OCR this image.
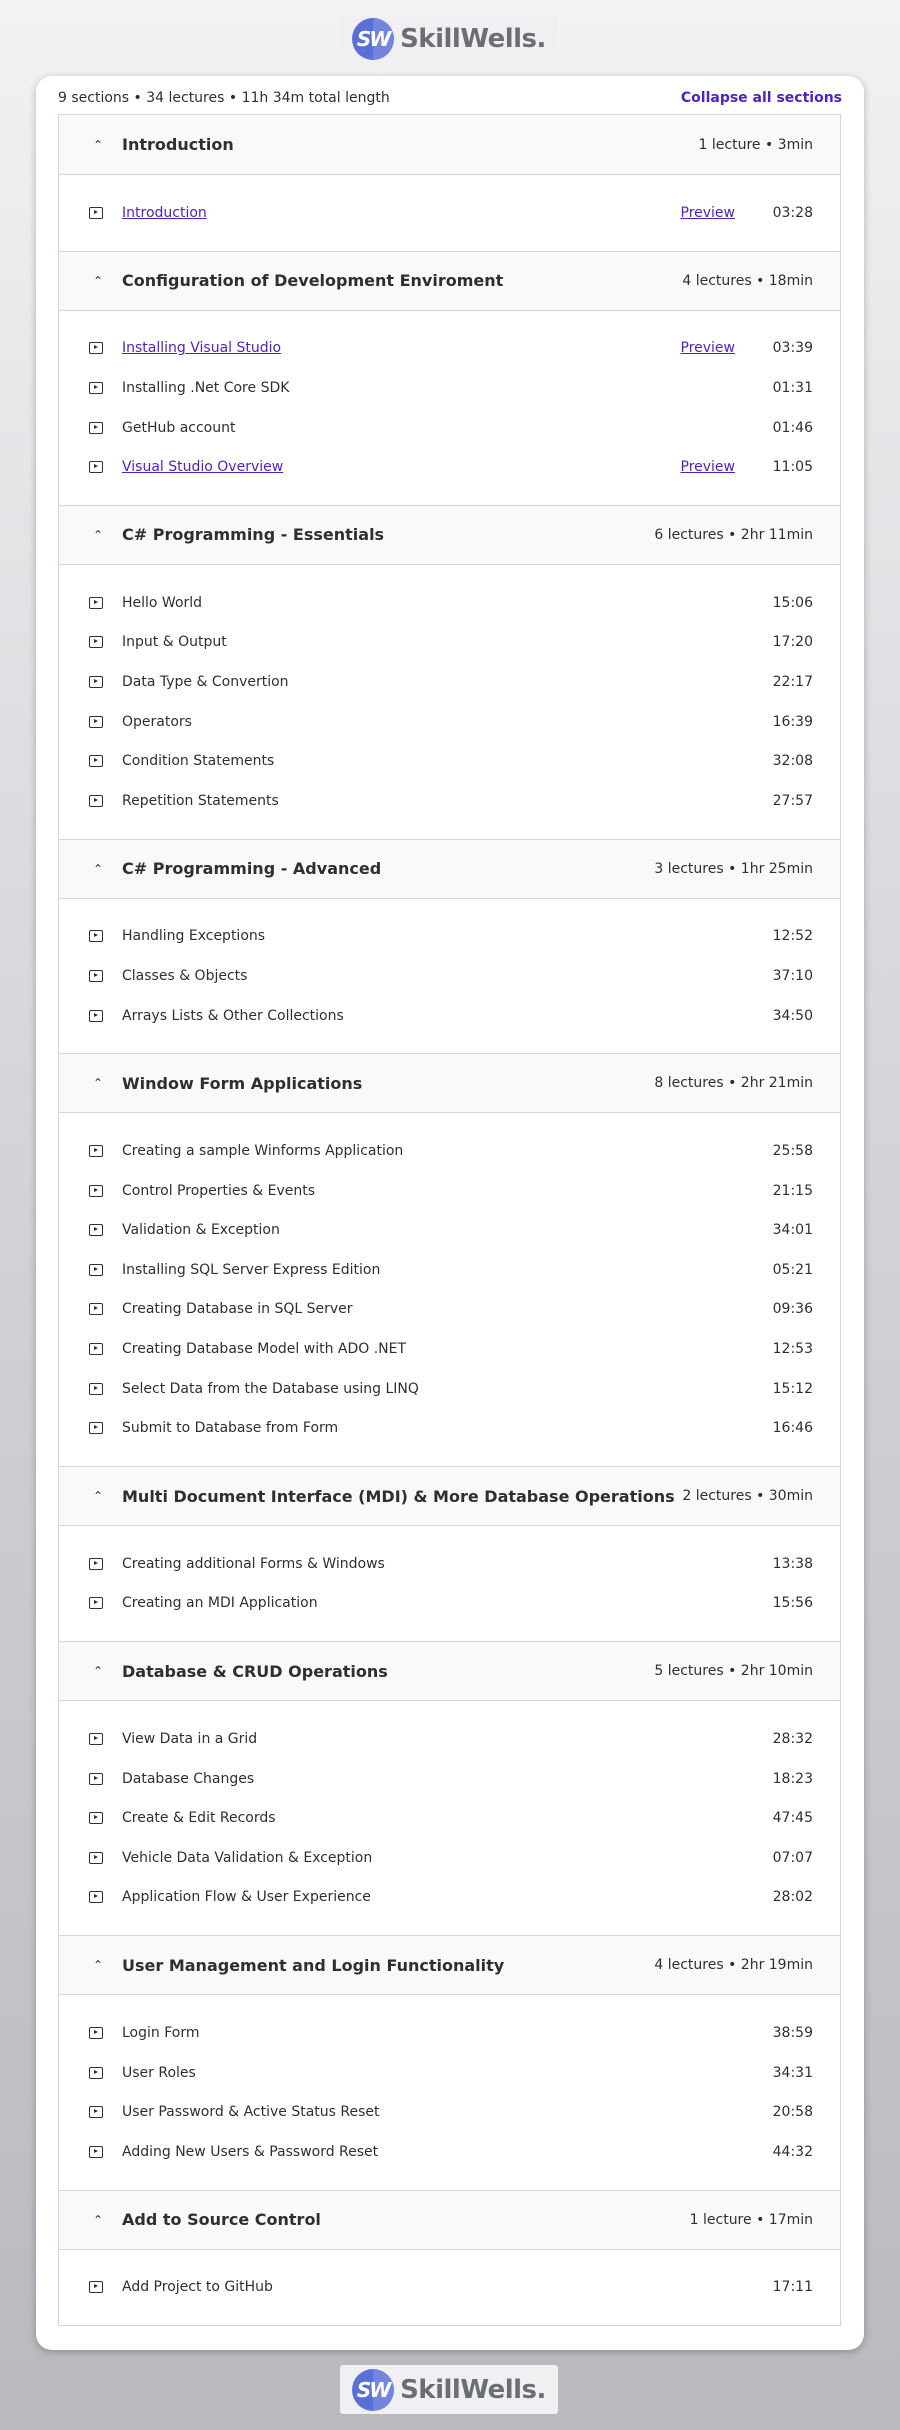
SW SkillWells.
9 sections • 34 lectures • 11h 34m total length	Collapse all sections
⌃ Introduction	1 lecture • 3min
Introduction	Preview	03:28
⌃ Configuration of Development Enviroment	4 lectures • 18min
Installing Visual Studio	Preview	03:39
Installing .Net Core SDK	01:31
GetHub account	01:46
Visual Studio Overview	Preview	11:05
⌃ C# Programming - Essentials	6 lectures • 2hr 11min
Hello World	15:06
Input & Output	17:20
Data Type & Convertion	22:17
Operators	16:39
Condition Statements	32:08
Repetition Statements	27:57
⌃ C# Programming - Advanced	3 lectures • 1hr 25min
Handling Exceptions	12:52
Classes & Objects	37:10
Arrays Lists & Other Collections	34:50
⌃ Window Form Applications	8 lectures • 2hr 21min
Creating a sample Winforms Application	25:58
Control Properties & Events	21:15
Validation & Exception	34:01
Installing SQL Server Express Edition	05:21
Creating Database in SQL Server	09:36
Creating Database Model with ADO .NET	12:53
Select Data from the Database using LINQ	15:12
Submit to Database from Form	16:46
⌃ Multi Document Interface (MDI) & More Database Operations 2 lectures • 30min
Creating additional Forms & Windows	13:38
Creating an MDI Application	15:56
⌃ Database & CRUD Operations	5 lectures • 2hr 10min
View Data in a Grid	28:32
Database Changes	18:23
Create & Edit Records	47:45
Vehicle Data Validation & Exception	07:07
Application Flow & User Experience	28:02
⌃ User Management and Login Functionality	4 lectures • 2hr 19min
Login Form	38:59
User Roles	34:31
User Password & Active Status Reset	20:58
Adding New Users & Password Reset	44:32
⌃ Add to Source Control	1 lecture • 17min
Add Project to GitHub	17:11
SW SkillWells.
